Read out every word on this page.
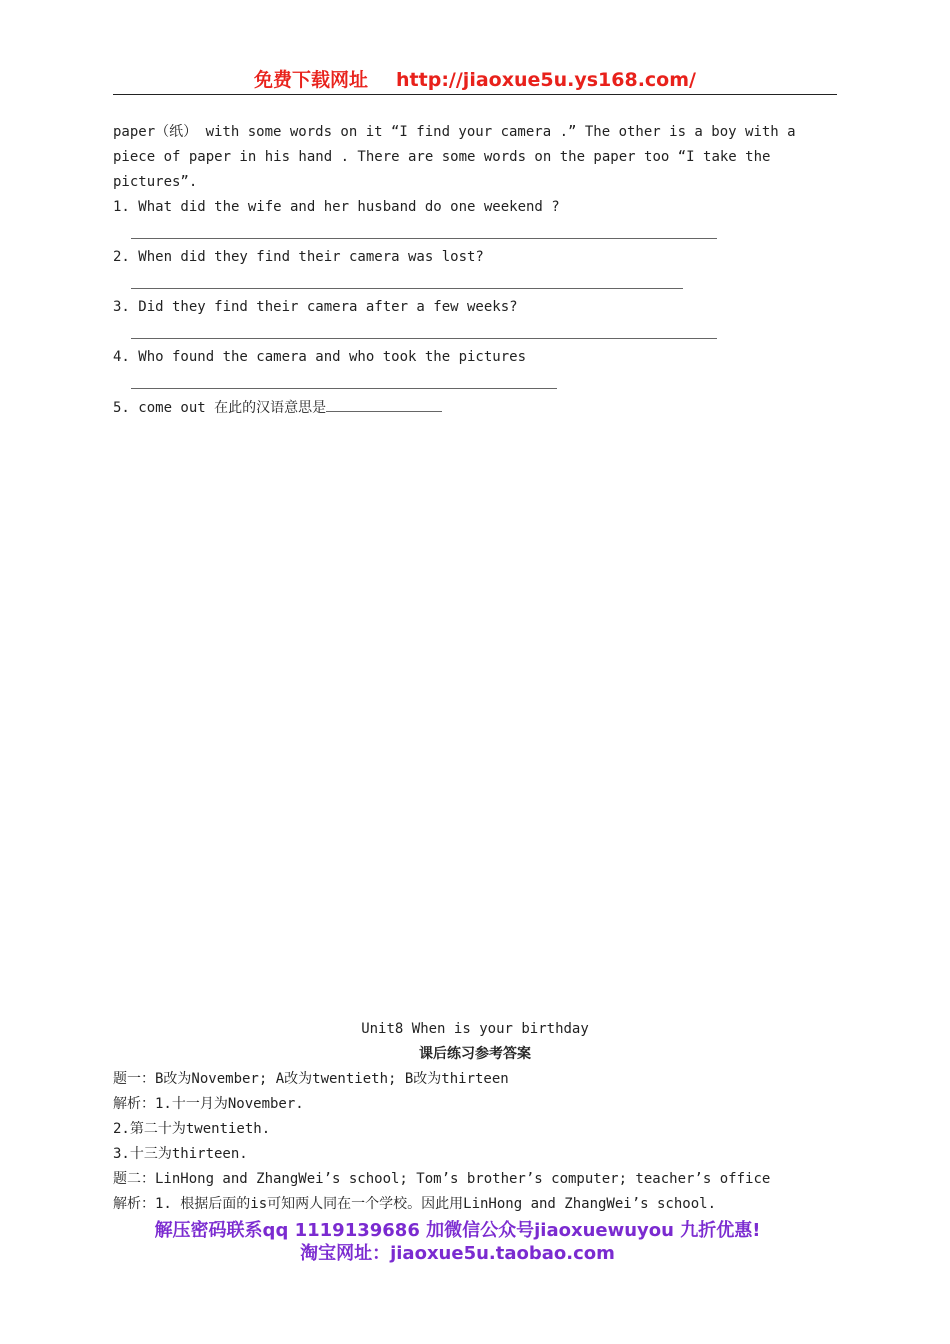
免费下载网址 http://jiaoxue5u.ys168.com/
paper（纸） with some words on it “I find your camera .” The other is a boy with a
piece of paper in his hand . There are some words on the paper too “I take the
pictures”.
1. What did the wife and her husband do one weekend ?
2. When did they find their camera was lost?
3. Did they find their camera after a few weeks?
4. Who found the camera and who took the pictures
5. come out 在此的汉语意思是
Unit8 When is your birthday
课后练习参考答案
题一：B改为November; A改为twentieth; B改为thirteen
解析：1.十一月为November.
2.第二十为twentieth.
3.十三为thirteen.
题二：LinHong and ZhangWei’s school; Tom’s brother’s computer; teacher’s office
解析：1. 根据后面的is可知两人同在一个学校。因此用LinHong and ZhangWei’s school.
解压密码联系qq 1119139686 加微信公众号jiaoxuewuyou 九折优惠!
淘宝网址：jiaoxue5u.taobao.com
